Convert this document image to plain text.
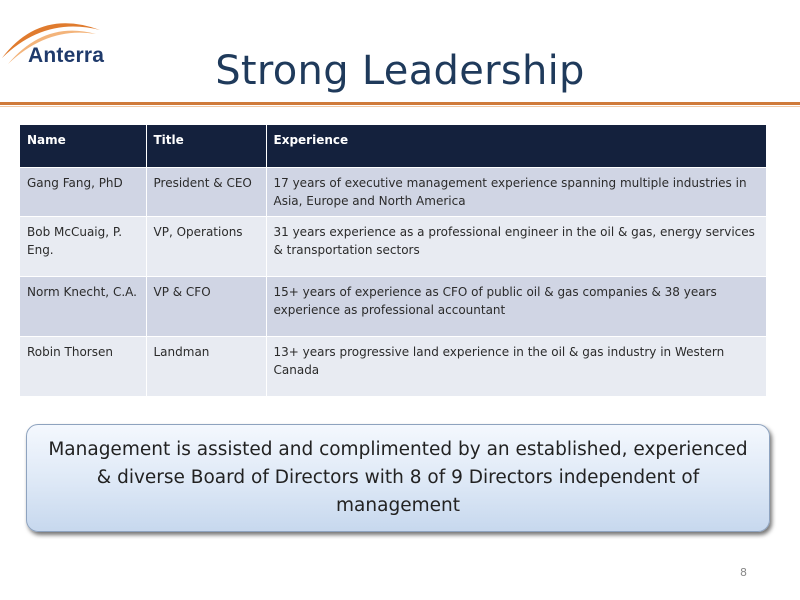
Anterra	Strong Leadership
Name	Title	Experience
Gang Fang, PhD	President & CEO	17 years of executive management experience spanning multiple industries in Asia, Europe and North America
Bob McCuaig, P. Eng.	VP, Operations	31 years experience as a professional engineer in the oil & gas, energy services & transportation sectors
Norm Knecht, C.A.	VP & CFO	15+ years of experience as CFO of public oil & gas companies & 38 years experience as professional accountant
Robin Thorsen	Landman	13+ years progressive land experience in the oil & gas industry in Western Canada
Management is assisted and complimented by an established, experienced & diverse Board of Directors with 8 of 9 Directors independent of management
8
